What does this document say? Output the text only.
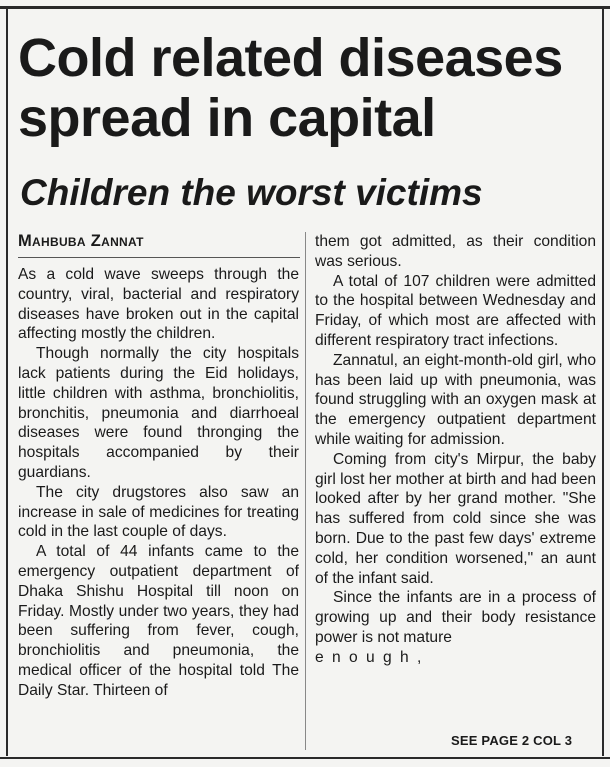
Cold related diseases
spread in capital
Children the worst victims
Mahbuba Zannat

As a cold wave sweeps through the country, viral, bacterial and respiratory diseases have broken out in the capital affecting mostly the children.

Though normally the city hospitals lack patients during the Eid holidays, little children with asthma, bronchiolitis, bronchitis, pneumonia and diarrhoeal diseases were found thronging the hospitals accompanied by their guardians.

The city drugstores also saw an increase in sale of medicines for treating cold in the last couple of days.

A total of 44 infants came to the emergency outpatient department of Dhaka Shishu Hospital till noon on Friday. Mostly under two years, they had been suffering from fever, cough, bronchiolitis and pneumonia, the medical officer of the hospital told The Daily Star. Thirteen of

them got admitted, as their condition was serious.

A total of 107 children were admitted to the hospital between Wednesday and Friday, of which most are affected with different respiratory tract infections.

Zannatul, an eight-month-old girl, who has been laid up with pneumonia, was found struggling with an oxygen mask at the emergency outpatient department while waiting for admission.

Coming from city's Mirpur, the baby girl lost her mother at birth and had been looked after by her grand mother. "She has suffered from cold since she was born. Due to the past few days' extreme cold, her condition worsened," an aunt of the infant said.

Since the infants are in a process of growing up and their body resistance power is not mature

e n o u g h ,

SEE PAGE 2 COL 3
